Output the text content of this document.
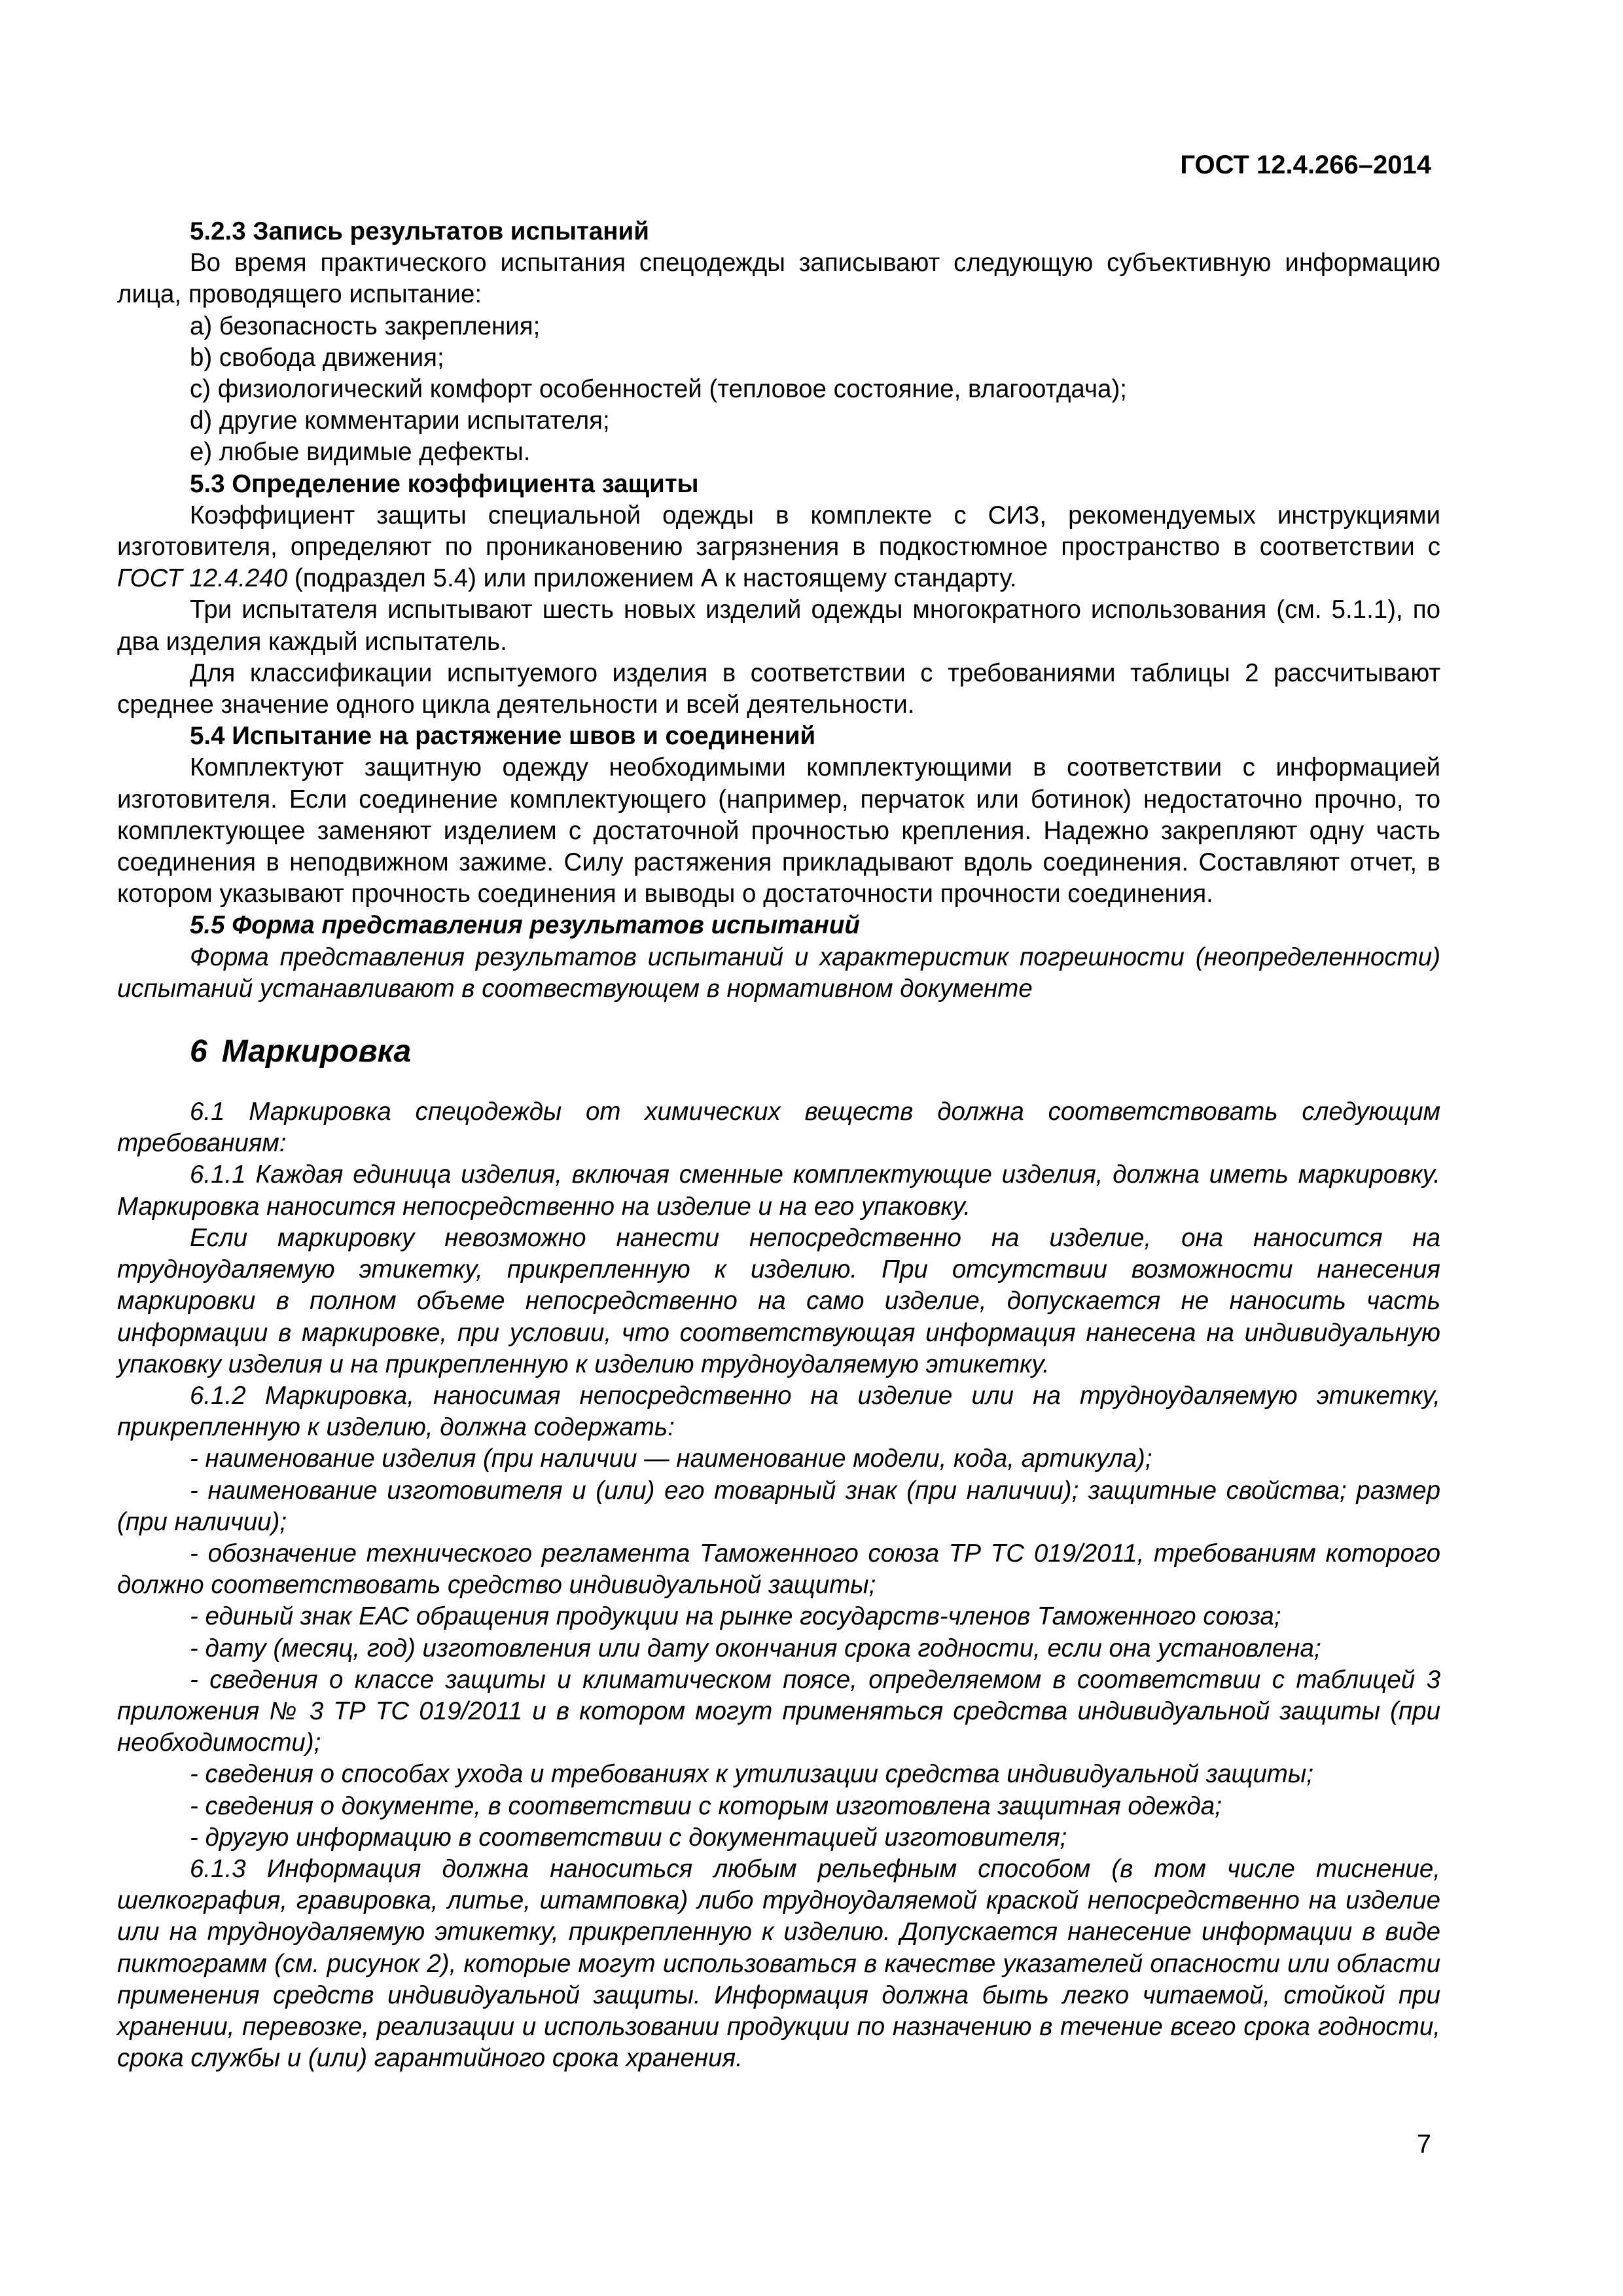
ГОСТ 12.4.266–2014

5.2.3 Запись результатов испытаний

Во время практического испытания спецодежды записывают следующую субъективную информацию лица, проводящего испытание:

a) безопасность закрепления;

b) свобода движения;

c) физиологический комфорт особенностей (тепловое состояние, влагоотдача);

d) другие комментарии испытателя;

e) любые видимые дефекты.

5.3 Определение коэффициента защиты

Коэффициент защиты специальной одежды в комплекте с СИЗ, рекомендуемых инструкциями изготовителя, определяют по проникановению загрязнения в подкостюмное пространство в соответствии с ГОСТ 12.4.240 (подраздел 5.4) или приложением А к настоящему стандарту.

Три испытателя испытывают шесть новых изделий одежды многократного использования (см. 5.1.1), по два изделия каждый испытатель.

Для классификации испытуемого изделия в соответствии с требованиями таблицы 2 рассчитывают среднее значение одного цикла деятельности и всей деятельности.

5.4 Испытание на растяжение швов и соединений

Комплектуют защитную одежду необходимыми комплектующими в соответствии с информацией изготовителя. Если соединение комплектующего (например, перчаток или ботинок) недостаточно прочно, то комплектующее заменяют изделием с достаточной прочностью крепления. Надежно закрепляют одну часть соединения в неподвижном зажиме. Силу растяжения прикладывают вдоль соединения. Составляют отчет, в котором указывают прочность соединения и выводы о достаточности прочности соединения.

5.5 Форма представления результатов испытаний

Форма представления результатов испытаний и характеристик погрешности (неопределенности) испытаний устанавливают в соотвествующем в нормативном документе

6 Маркировка

6.1 Маркировка спецодежды от химических веществ должна соответствовать следующим требованиям:

6.1.1 Каждая единица изделия, включая сменные комплектующие изделия, должна иметь маркировку. Маркировка наносится непосредственно на изделие и на его упаковку.

Если маркировку невозможно нанести непосредственно на изделие, она наносится на трудноудаляемую этикетку, прикрепленную к изделию. При отсутствии возможности нанесения маркировки в полном объеме непосредственно на само изделие, допускается не наносить часть информации в маркировке, при условии, что соответствующая информация нанесена на индивидуальную упаковку изделия и на прикрепленную к изделию трудноудаляемую этикетку.

6.1.2 Маркировка, наносимая непосредственно на изделие или на трудноудаляемую этикетку, прикрепленную к изделию, должна содержать:

- наименование изделия (при наличии — наименование модели, кода, артикула);

- наименование изготовителя и (или) его товарный знак (при наличии); защитные свойства; размер (при наличии);

- обозначение технического регламента Таможенного союза ТР ТС 019/2011, требованиям которого должно соответствовать средство индивидуальной защиты;

- единый знак ЕАС обращения продукции на рынке государств-членов Таможенного союза;

- дату (месяц, год) изготовления или дату окончания срока годности, если она установлена;

- сведения о классе защиты и климатическом поясе, определяемом в соответствии с таблицей 3 приложения № 3 ТР ТС 019/2011 и в котором могут применяться средства индивидуальной защиты (при необходимости);

- сведения о способах ухода и требованиях к утилизации средства индивидуальной защиты;

- сведения о документе, в соответствии с которым изготовлена защитная одежда;

- другую информацию в соответствии с документацией изготовителя;

6.1.3 Информация должна наноситься любым рельефным способом (в том числе тиснение, шелкография, гравировка, литье, штамповка) либо трудноудаляемой краской непосредственно на изделие или на трудноудаляемую этикетку, прикрепленную к изделию. Допускается нанесение информации в виде пиктограмм (см. рисунок 2), которые могут использоваться в качестве указателей опасности или области применения средств индивидуальной защиты. Информация должна быть легко читаемой, стойкой при хранении, перевозке, реализации и использовании продукции по назначению в течение всего срока годности, срока службы и (или) гарантийного срока хранения.

7
